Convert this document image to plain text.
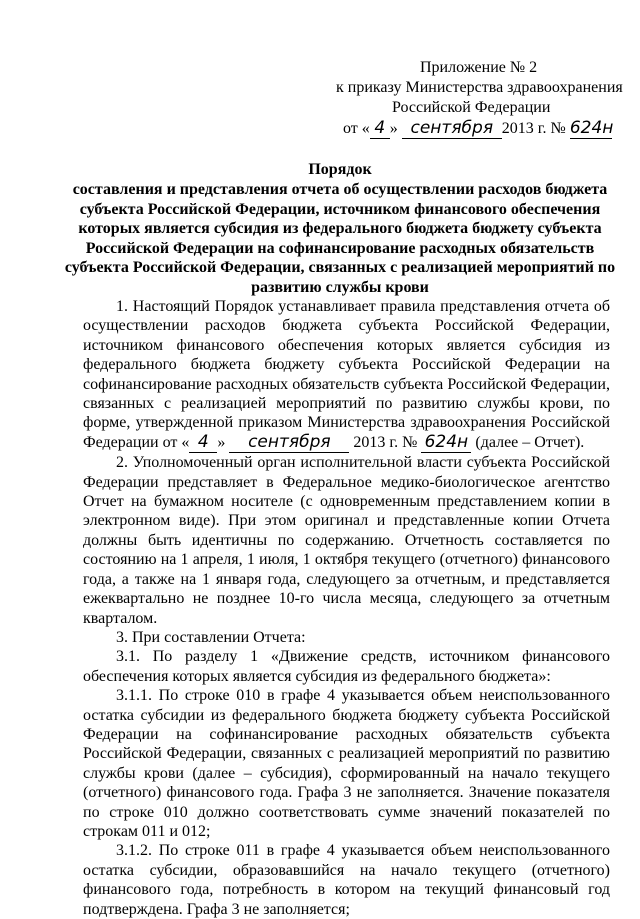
Приложение № 2
к приказу Министерства здравоохранения
Российской Федерации
от « 4 » сентября 2013 г. № 624н
Порядок
составления и представления отчета об осуществлении расходов бюджета субъекта Российской Федерации, источником финансового обеспечения которых является субсидия из федерального бюджета бюджету субъекта Российской Федерации на софинансирование расходных обязательств субъекта Российской Федерации, связанных с реализацией мероприятий по развитию службы крови

1. Настоящий Порядок устанавливает правила представления отчета об осуществлении расходов бюджета субъекта Российской Федерации, источником финансового обеспечения которых является субсидия из федерального бюджета бюджету субъекта Российской Федерации на софинансирование расходных обязательств субъекта Российской Федерации, связанных с реализацией мероприятий по развитию службы крови, по форме, утвержденной приказом Министерства здравоохранения Российской Федерации от « 4 » сентября 2013 г. № 624н (далее – Отчет).

2. Уполномоченный орган исполнительной власти субъекта Российской Федерации представляет в Федеральное медико-биологическое агентство Отчет на бумажном носителе (с одновременным представлением копии в электронном виде). При этом оригинал и представленные копии Отчета должны быть идентичны по содержанию. Отчетность составляется по состоянию на 1 апреля, 1 июля, 1 октября текущего (отчетного) финансового года, а также на 1 января года, следующего за отчетным, и представляется ежеквартально не позднее 10-го числа месяца, следующего за отчетным кварталом.

3. При составлении Отчета:

3.1. По разделу 1 «Движение средств, источником финансового обеспечения которых является субсидия из федерального бюджета»:

3.1.1. По строке 010 в графе 4 указывается объем неиспользованного остатка субсидии из федерального бюджета бюджету субъекта Российской Федерации на софинансирование расходных обязательств субъекта Российской Федерации, связанных с реализацией мероприятий по развитию службы крови (далее – субсидия), сформированный на начало текущего (отчетного) финансового года. Графа 3 не заполняется. Значение показателя по строке 010 должно соответствовать сумме значений показателей по строкам 011 и 012;

3.1.2. По строке 011 в графе 4 указывается объем неиспользованного остатка субсидии, образовавшийся на начало текущего (отчетного) финансового года, потребность в котором на текущий финансовый год подтверждена. Графа 3 не заполняется;
